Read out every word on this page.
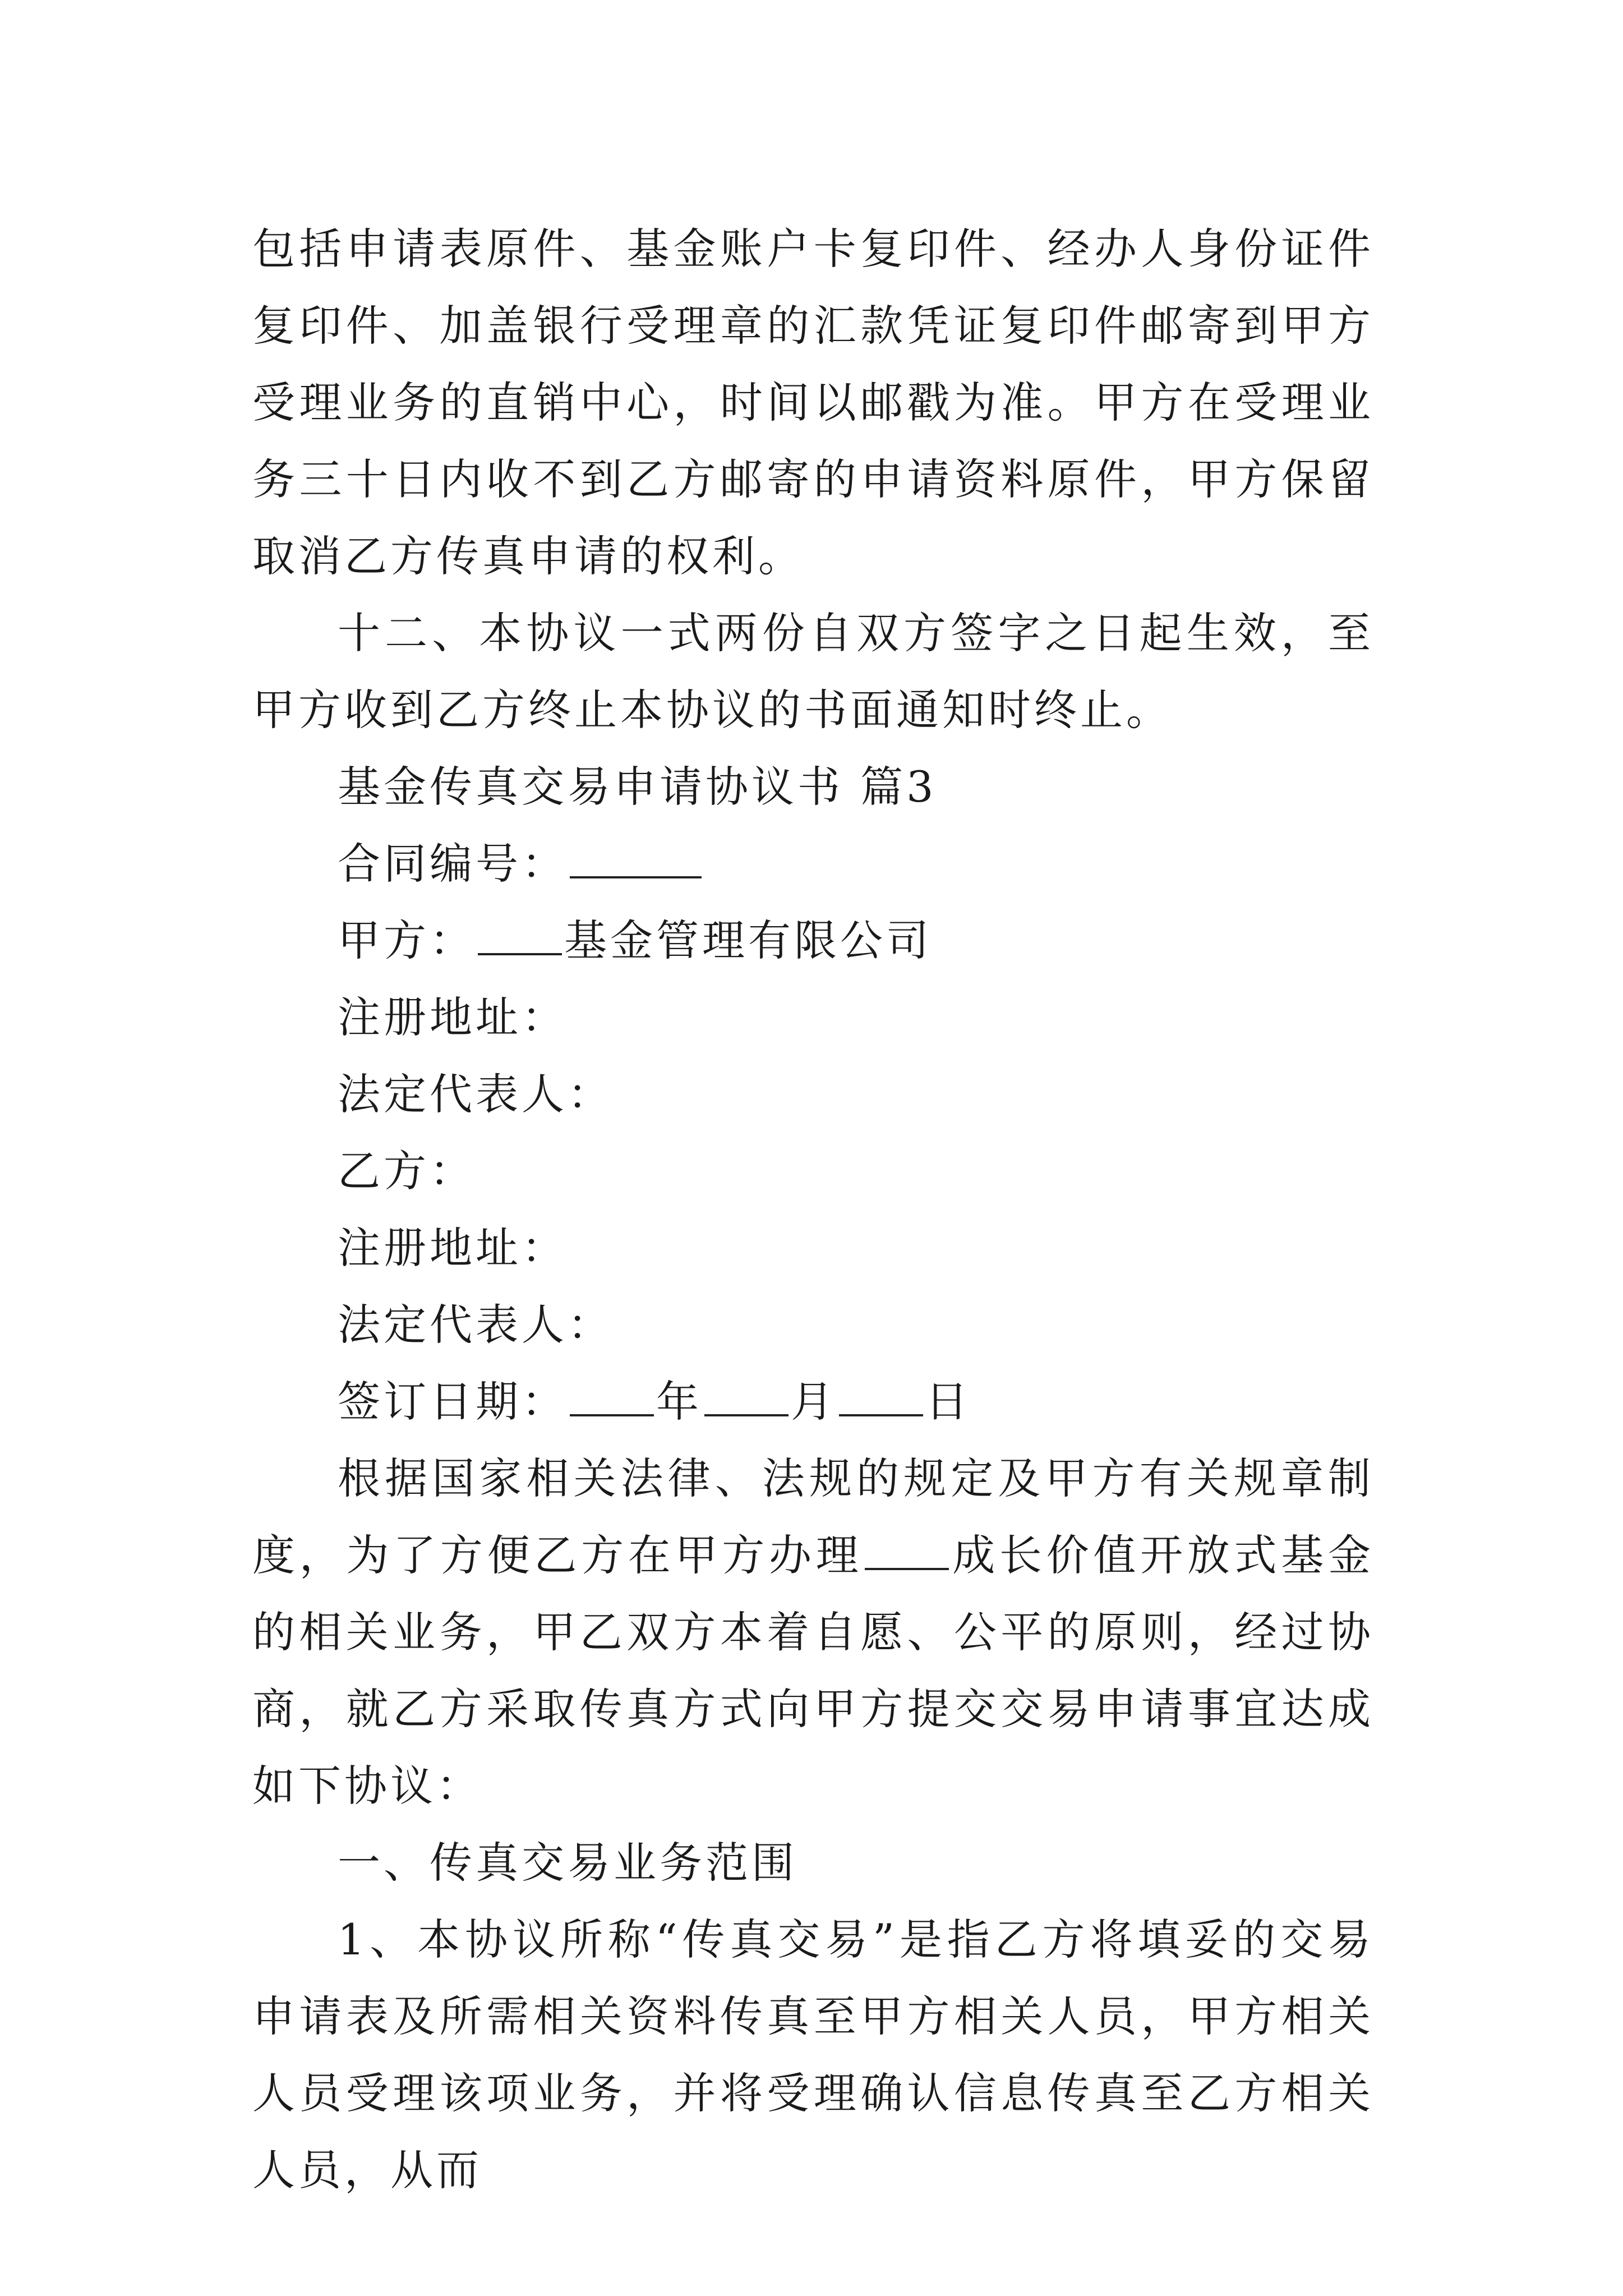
包括申请表原件、基金账户卡复印件、经办人身份证件复印件、加盖银行受理章的汇款凭证复印件邮寄到甲方受理业务的直销中心，时间以邮戳为准。甲方在受理业务三十日内收不到乙方邮寄的申请资料原件，甲方保留取消乙方传真申请的权利。

十二、本协议一式两份自双方签字之日起生效，至甲方收到乙方终止本协议的书面通知时终止。

基金传真交易申请协议书 篇3

合同编号：

甲方： 基金管理有限公司

注册地址：

法定代表人：

乙方：

注册地址：

法定代表人：

签订日期： 年 月 日

根据国家相关法律、法规的规定及甲方有关规章制度，为了方便乙方在甲方办理 成长价值开放式基金的相关业务，甲乙双方本着自愿、公平的原则，经过协商，就乙方采取传真方式向甲方提交交易申请事宜达成如下协议：

一、传真交易业务范围

1、本协议所称“传真交易”是指乙方将填妥的交易申请表及所需相关资料传真至甲方相关人员，甲方相关人员受理该项业务，并将受理确认信息传真至乙方相关人员，从而
